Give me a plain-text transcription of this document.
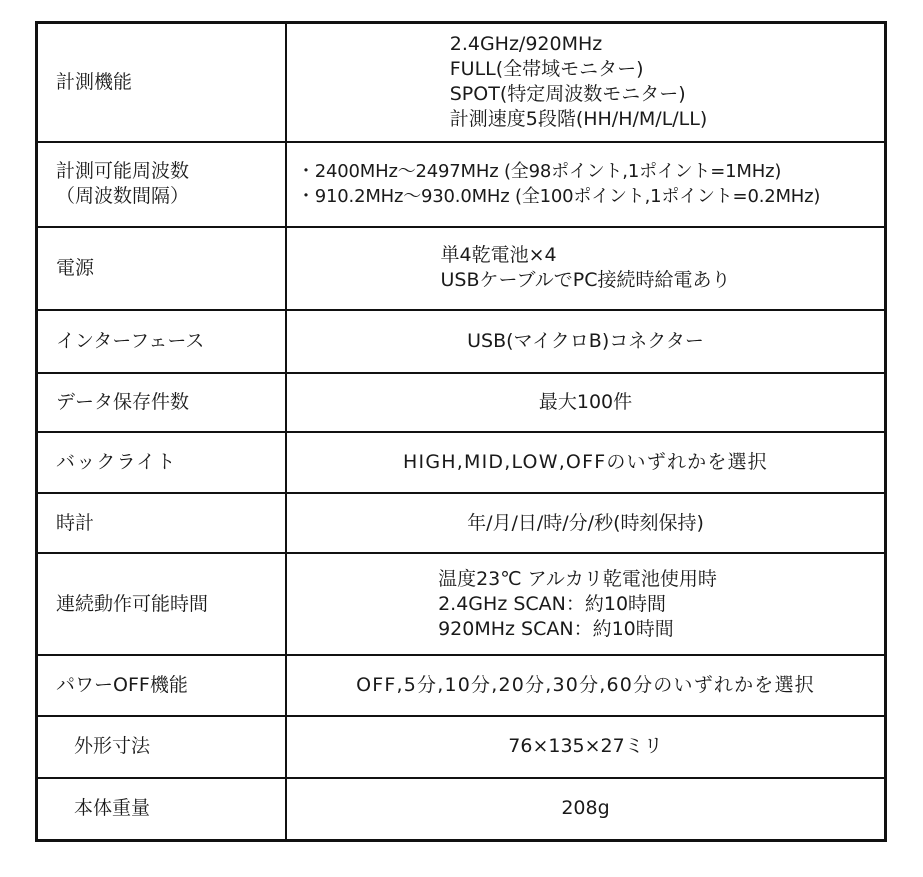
計測機能	2.4GHz/920MHz
FULL(全帯域モニター)
SPOT(特定周波数モニター)
計測速度5段階(HH/H/M/L/LL)

計測可能周波数
（周波数間隔）	・2400MHz～2497MHz (全98ポイント,1ポイント=1MHz)
・910.2MHz～930.0MHz (全100ポイント,1ポイント=0.2MHz)

電源	単4乾電池×4
USBケーブルでPC接続時給電あり

インターフェース	USB(マイクロB)コネクター

データ保存件数	最大100件

バックライト	HIGH,MID,LOW,OFFのいずれかを選択

時計	年/月/日/時/分/秒(時刻保持)

連続動作可能時間	温度23℃ アルカリ乾電池使用時
2.4GHz SCAN：約10時間
920MHz SCAN：約10時間

パワーOFF機能	OFF,5分,10分,20分,30分,60分のいずれかを選択

外形寸法	76×135×27ミリ

本体重量	208g
